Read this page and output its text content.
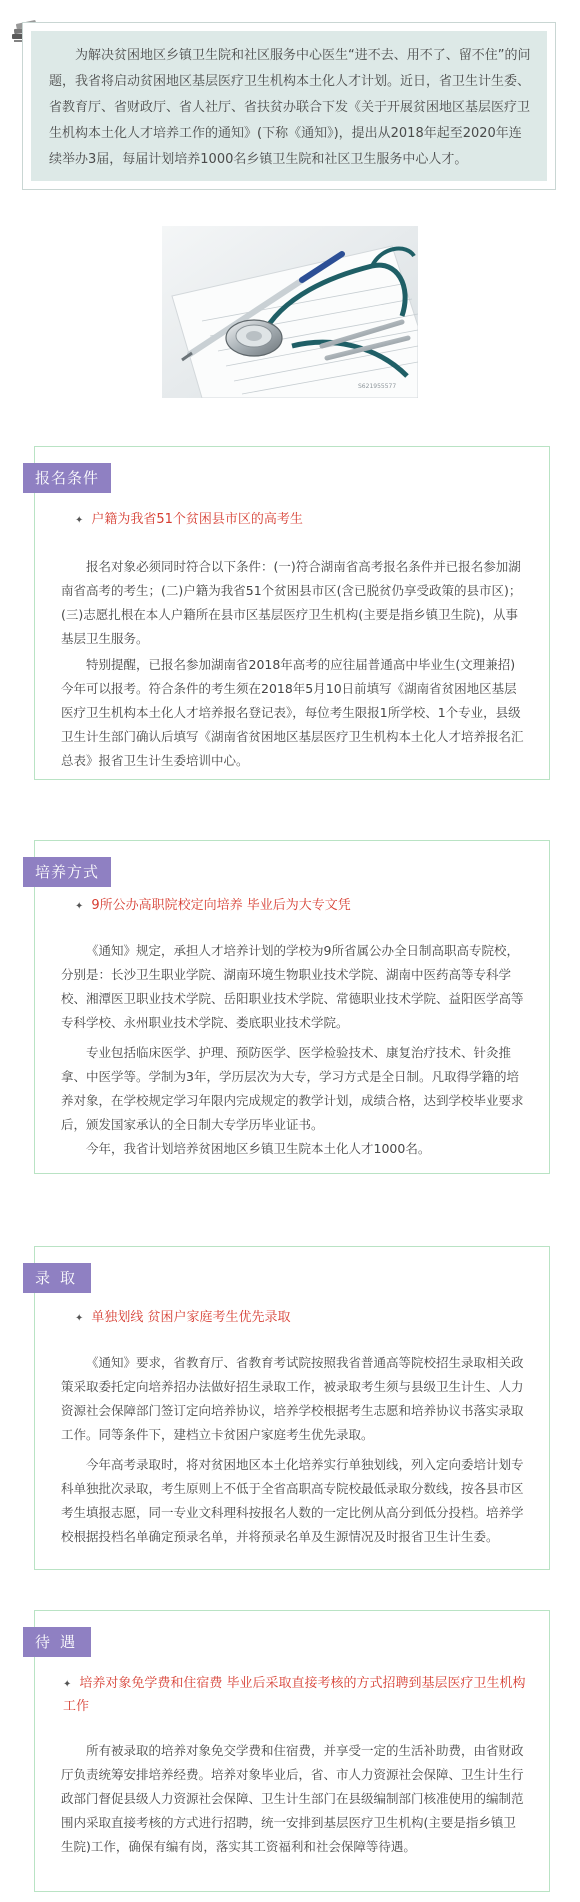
为解决贫困地区乡镇卫生院和社区服务中心医生“进不去、用不了、留不住”的问题，我省将启动贫困地区基层医疗卫生机构本土化人才计划。近日，省卫生计生委、省教育厅、省财政厅、省人社厅、省扶贫办联合下发《关于开展贫困地区基层医疗卫生机构本土化人才培养工作的通知》(下称《通知》)，提出从2018年起至2020年连续举办3届，每届计划培养1000名乡镇卫生院和社区卫生服务中心人才。

S621955577
报名条件
✦ 户籍为我省51个贫困县市区的高考生

报名对象必须同时符合以下条件：(一)符合湖南省高考报名条件并已报名参加湖南省高考的考生；(二)户籍为我省51个贫困县市区(含已脱贫仍享受政策的县市区)；(三)志愿扎根在本人户籍所在县市区基层医疗卫生机构(主要是指乡镇卫生院)，从事基层卫生服务。

特别提醒，已报名参加湖南省2018年高考的应往届普通高中毕业生(文理兼招)今年可以报考。符合条件的考生须在2018年5月10日前填写《湖南省贫困地区基层医疗卫生机构本土化人才培养报名登记表》，每位考生限报1所学校、1个专业，县级卫生计生部门确认后填写《湖南省贫困地区基层医疗卫生机构本土化人才培养报名汇总表》报省卫生计生委培训中心。

培养方式
✦ 9所公办高职院校定向培养 毕业后为大专文凭

《通知》规定，承担人才培养计划的学校为9所省属公办全日制高职高专院校，分别是：长沙卫生职业学院、湖南环境生物职业技术学院、湖南中医药高等专科学校、湘潭医卫职业技术学院、岳阳职业技术学院、常德职业技术学院、益阳医学高等专科学校、永州职业技术学院、娄底职业技术学院。

专业包括临床医学、护理、预防医学、医学检验技术、康复治疗技术、针灸推拿、中医学等。学制为3年，学历层次为大专，学习方式是全日制。凡取得学籍的培养对象，在学校规定学习年限内完成规定的教学计划，成绩合格，达到学校毕业要求后，颁发国家承认的全日制大专学历毕业证书。

今年，我省计划培养贫困地区乡镇卫生院本土化人才1000名。

录取
✦ 单独划线 贫困户家庭考生优先录取

《通知》要求，省教育厅、省教育考试院按照我省普通高等院校招生录取相关政策采取委托定向培养招办法做好招生录取工作，被录取考生须与县级卫生计生、人力资源社会保障部门签订定向培养协议，培养学校根据考生志愿和培养协议书落实录取工作。同等条件下，建档立卡贫困户家庭考生优先录取。

今年高考录取时，将对贫困地区本土化培养实行单独划线，列入定向委培计划专科单独批次录取，考生原则上不低于全省高职高专院校最低录取分数线，按各县市区考生填报志愿，同一专业文科理科按报名人数的一定比例从高分到低分投档。培养学校根据投档名单确定预录名单，并将预录名单及生源情况及时报省卫生计生委。

待遇
✦ 培养对象免学费和住宿费 毕业后采取直接考核的方式招聘到基层医疗卫生机构工作

所有被录取的培养对象免交学费和住宿费，并享受一定的生活补助费，由省财政厅负责统筹安排培养经费。培养对象毕业后，省、市人力资源社会保障、卫生计生行政部门督促县级人力资源社会保障、卫生计生部门在县级编制部门核准使用的编制范围内采取直接考核的方式进行招聘，统一安排到基层医疗卫生机构(主要是指乡镇卫生院)工作，确保有编有岗，落实其工资福利和社会保障等待遇。
